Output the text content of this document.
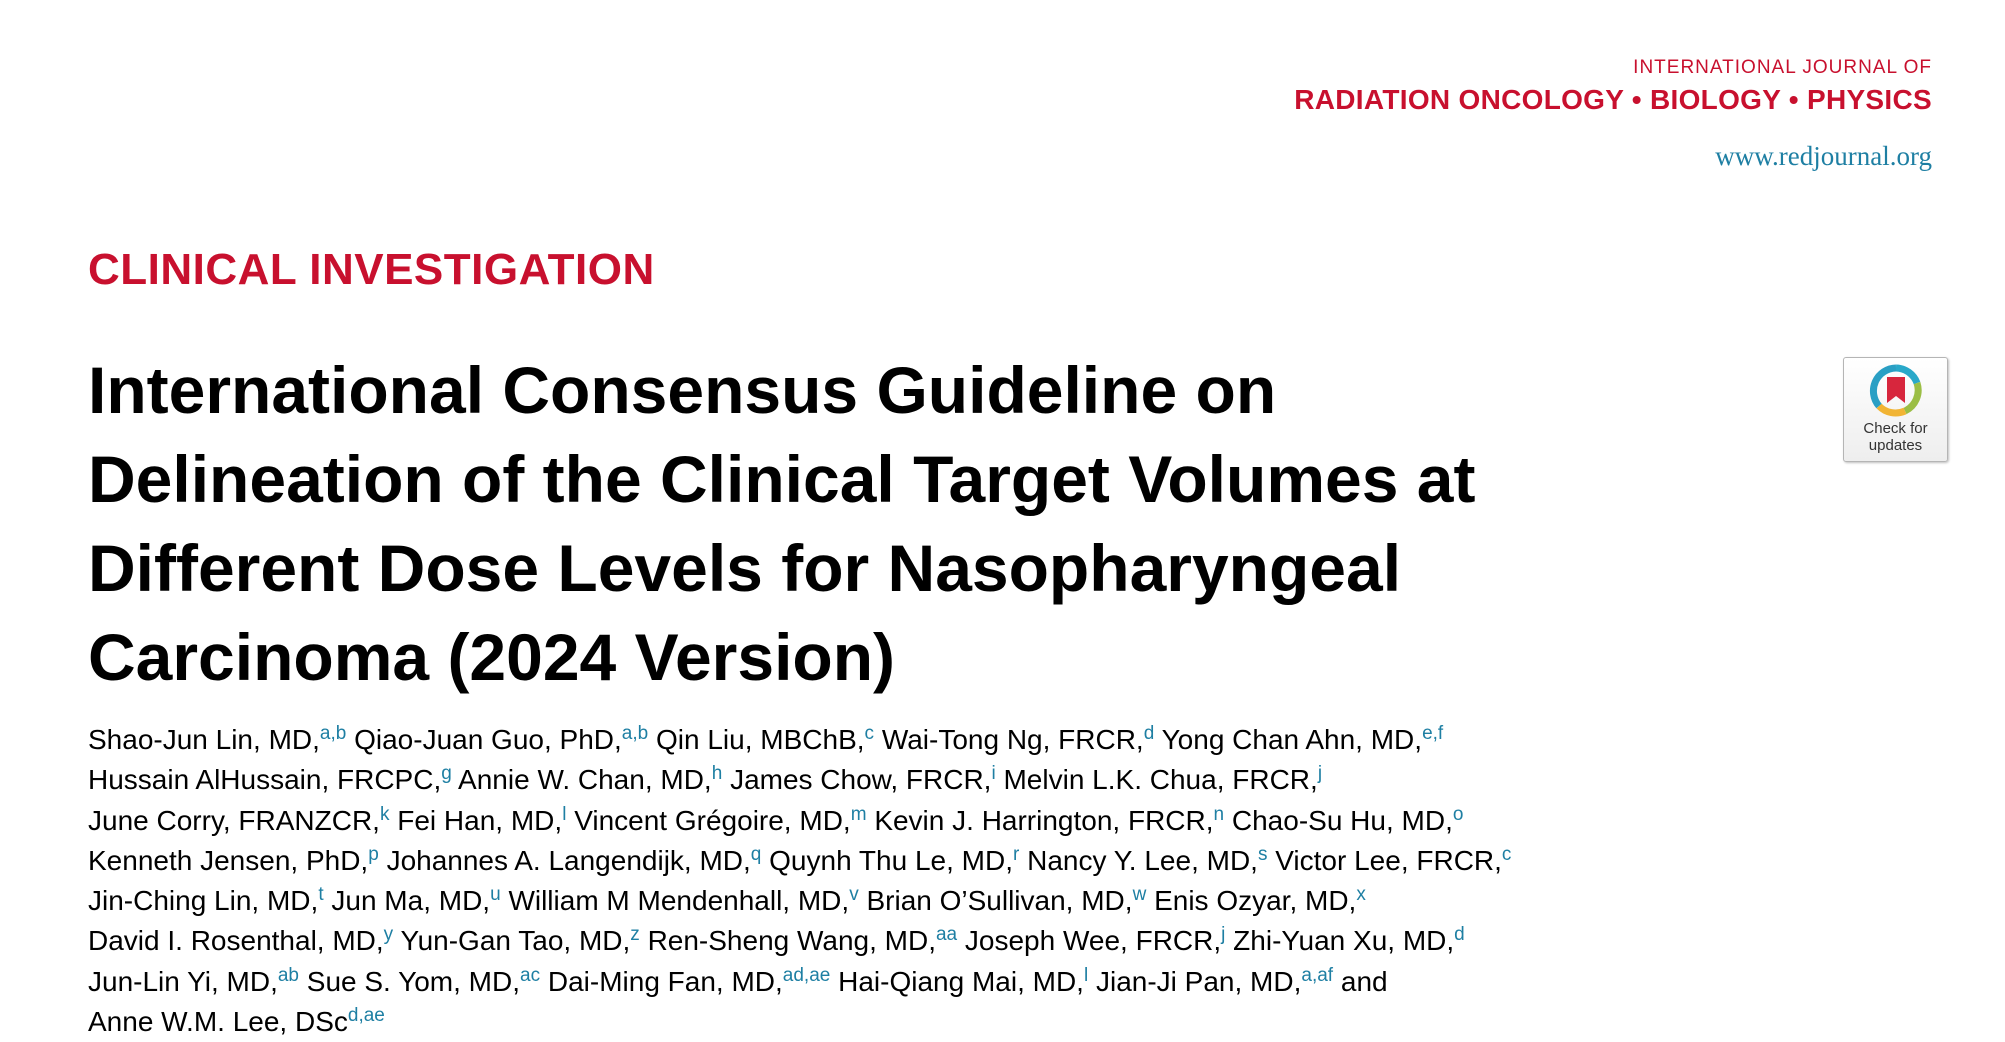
INTERNATIONAL JOURNAL OF
RADIATION ONCOLOGY • BIOLOGY • PHYSICS
www.redjournal.org
CLINICAL INVESTIGATION
International Consensus Guideline on Delineation of the Clinical Target Volumes at Different Dose Levels for Nasopharyngeal Carcinoma (2024 Version)
Check for
updates
Shao-Jun Lin, MD,$^{a,b}$ Qiao-Juan Guo, PhD,$^{a,b}$ Qin Liu, MBChB,$^c$ Wai-Tong Ng, FRCR,$^d$ Yong Chan Ahn, MD,$^{e,f}$
Hussain AlHussain, FRCPC,$^g$ Annie W. Chan, MD,$^h$ James Chow, FRCR,$^i$ Melvin L.K. Chua, FRCR,$^j$
June Corry, FRANZCR,$^k$ Fei Han, MD,$^l$ Vincent Grégoire, MD,$^m$ Kevin J. Harrington, FRCR,$^n$ Chao-Su Hu, MD,$^o$
Kenneth Jensen, PhD,$^p$ Johannes A. Langendijk, MD,$^q$ Quynh Thu Le, MD,$^r$ Nancy Y. Lee, MD,$^s$ Victor Lee, FRCR,$^c$
Jin-Ching Lin, MD,$^t$ Jun Ma, MD,$^u$ William M Mendenhall, MD,$^v$ Brian O’Sullivan, MD,$^w$ Enis Ozyar, MD,$^x$
David I. Rosenthal, MD,$^y$ Yun-Gan Tao, MD,$^z$ Ren-Sheng Wang, MD,$^{aa}$ Joseph Wee, FRCR,$^j$ Zhi-Yuan Xu, MD,$^d$
Jun-Lin Yi, MD,$^{ab}$ Sue S. Yom, MD,$^{ac}$ Dai-Ming Fan, MD,$^{ad,ae}$ Hai-Qiang Mai, MD,$^l$ Jian-Ji Pan, MD,$^{a,af}$ and
Anne W.M. Lee, DSc$^{d,ae}$
